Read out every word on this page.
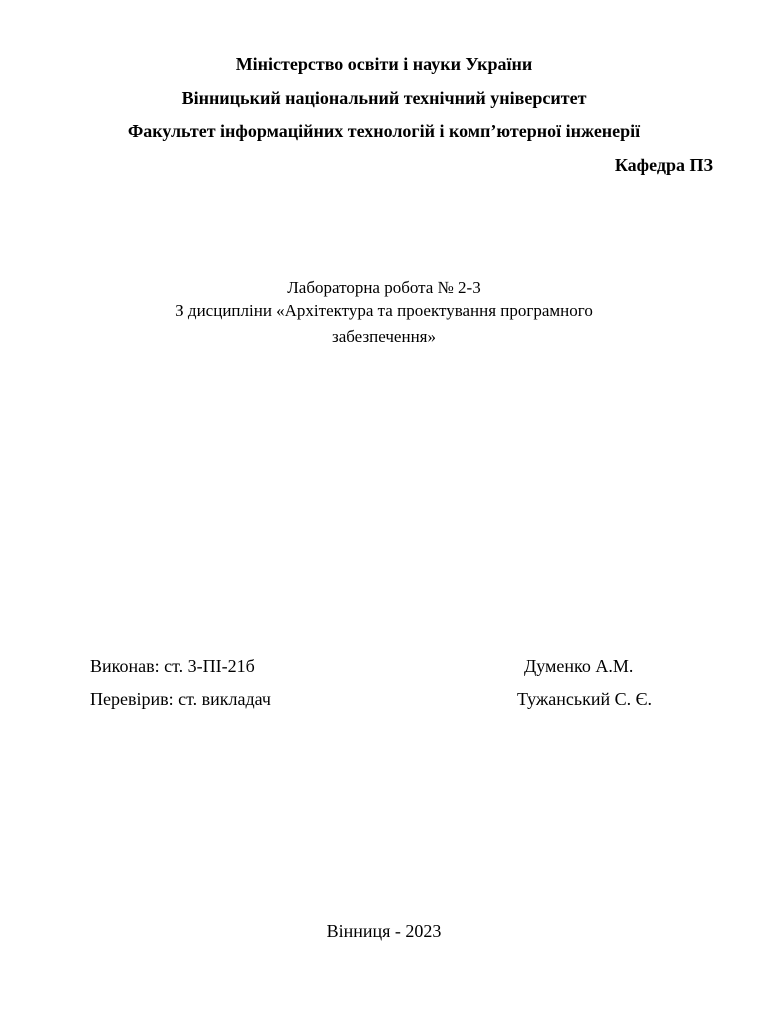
Міністерство освіти і науки України
Вінницький національний технічний університет
Факультет інформаційних технологій і комп’ютерної інженерії
Кафедра ПЗ
Лабораторна робота № 2-3
З дисципліни «Архітектура та проектування програмного
забезпечення»
Виконав: ст. 3-ПІ-21б	Думенко А.М.
Перевірив: ст. викладач	Тужанський С. Є.
Вінниця - 2023
